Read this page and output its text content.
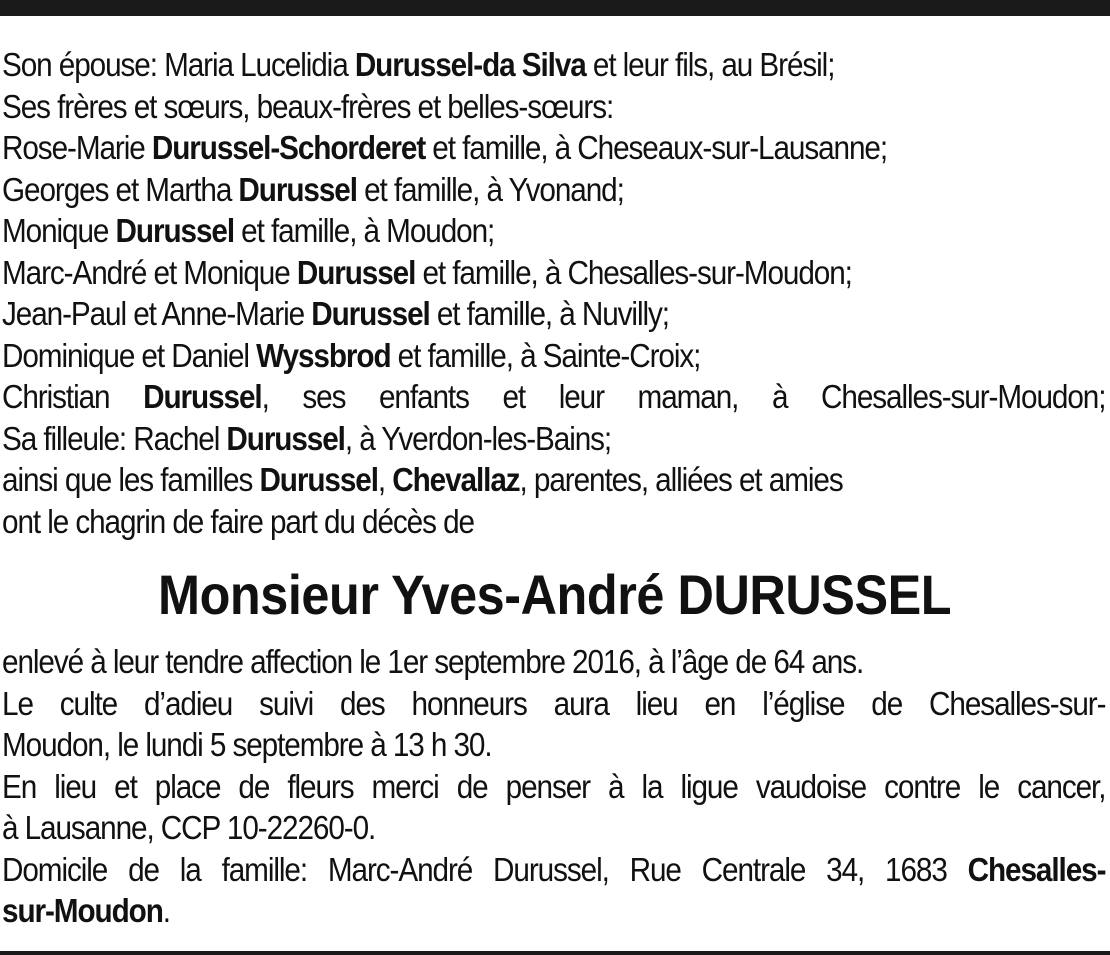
Son épouse: Maria Lucelidia Durussel-da Silva et leur fils, au Brésil;
Ses frères et sœurs, beaux-frères et belles-sœurs:
Rose-Marie Durussel-Schorderet et famille, à Cheseaux-sur-Lausanne;
Georges et Martha Durussel et famille, à Yvonand;
Monique Durussel et famille, à Moudon;
Marc-André et Monique Durussel et famille, à Chesalles-sur-Moudon;
Jean-Paul et Anne-Marie Durussel et famille, à Nuvilly;
Dominique et Daniel Wyssbrod et famille, à Sainte-Croix;
Christian Durussel, ses enfants et leur maman, à Chesalles-sur-Moudon;
Sa filleule: Rachel Durussel, à Yverdon-les-Bains;
ainsi que les familles Durussel, Chevallaz, parentes, alliées et amies
ont le chagrin de faire part du décès de
Monsieur Yves-André DURUSSEL
enlevé à leur tendre affection le 1er septembre 2016, à l’âge de 64 ans.
Le culte d’adieu suivi des honneurs aura lieu en l’église de Chesalles-sur-
Moudon, le lundi 5 septembre à 13 h 30.
En lieu et place de fleurs merci de penser à la ligue vaudoise contre le cancer,
à Lausanne, CCP 10-22260-0.
Domicile de la famille: Marc-André Durussel, Rue Centrale 34, 1683 Chesalles-
sur-Moudon.
